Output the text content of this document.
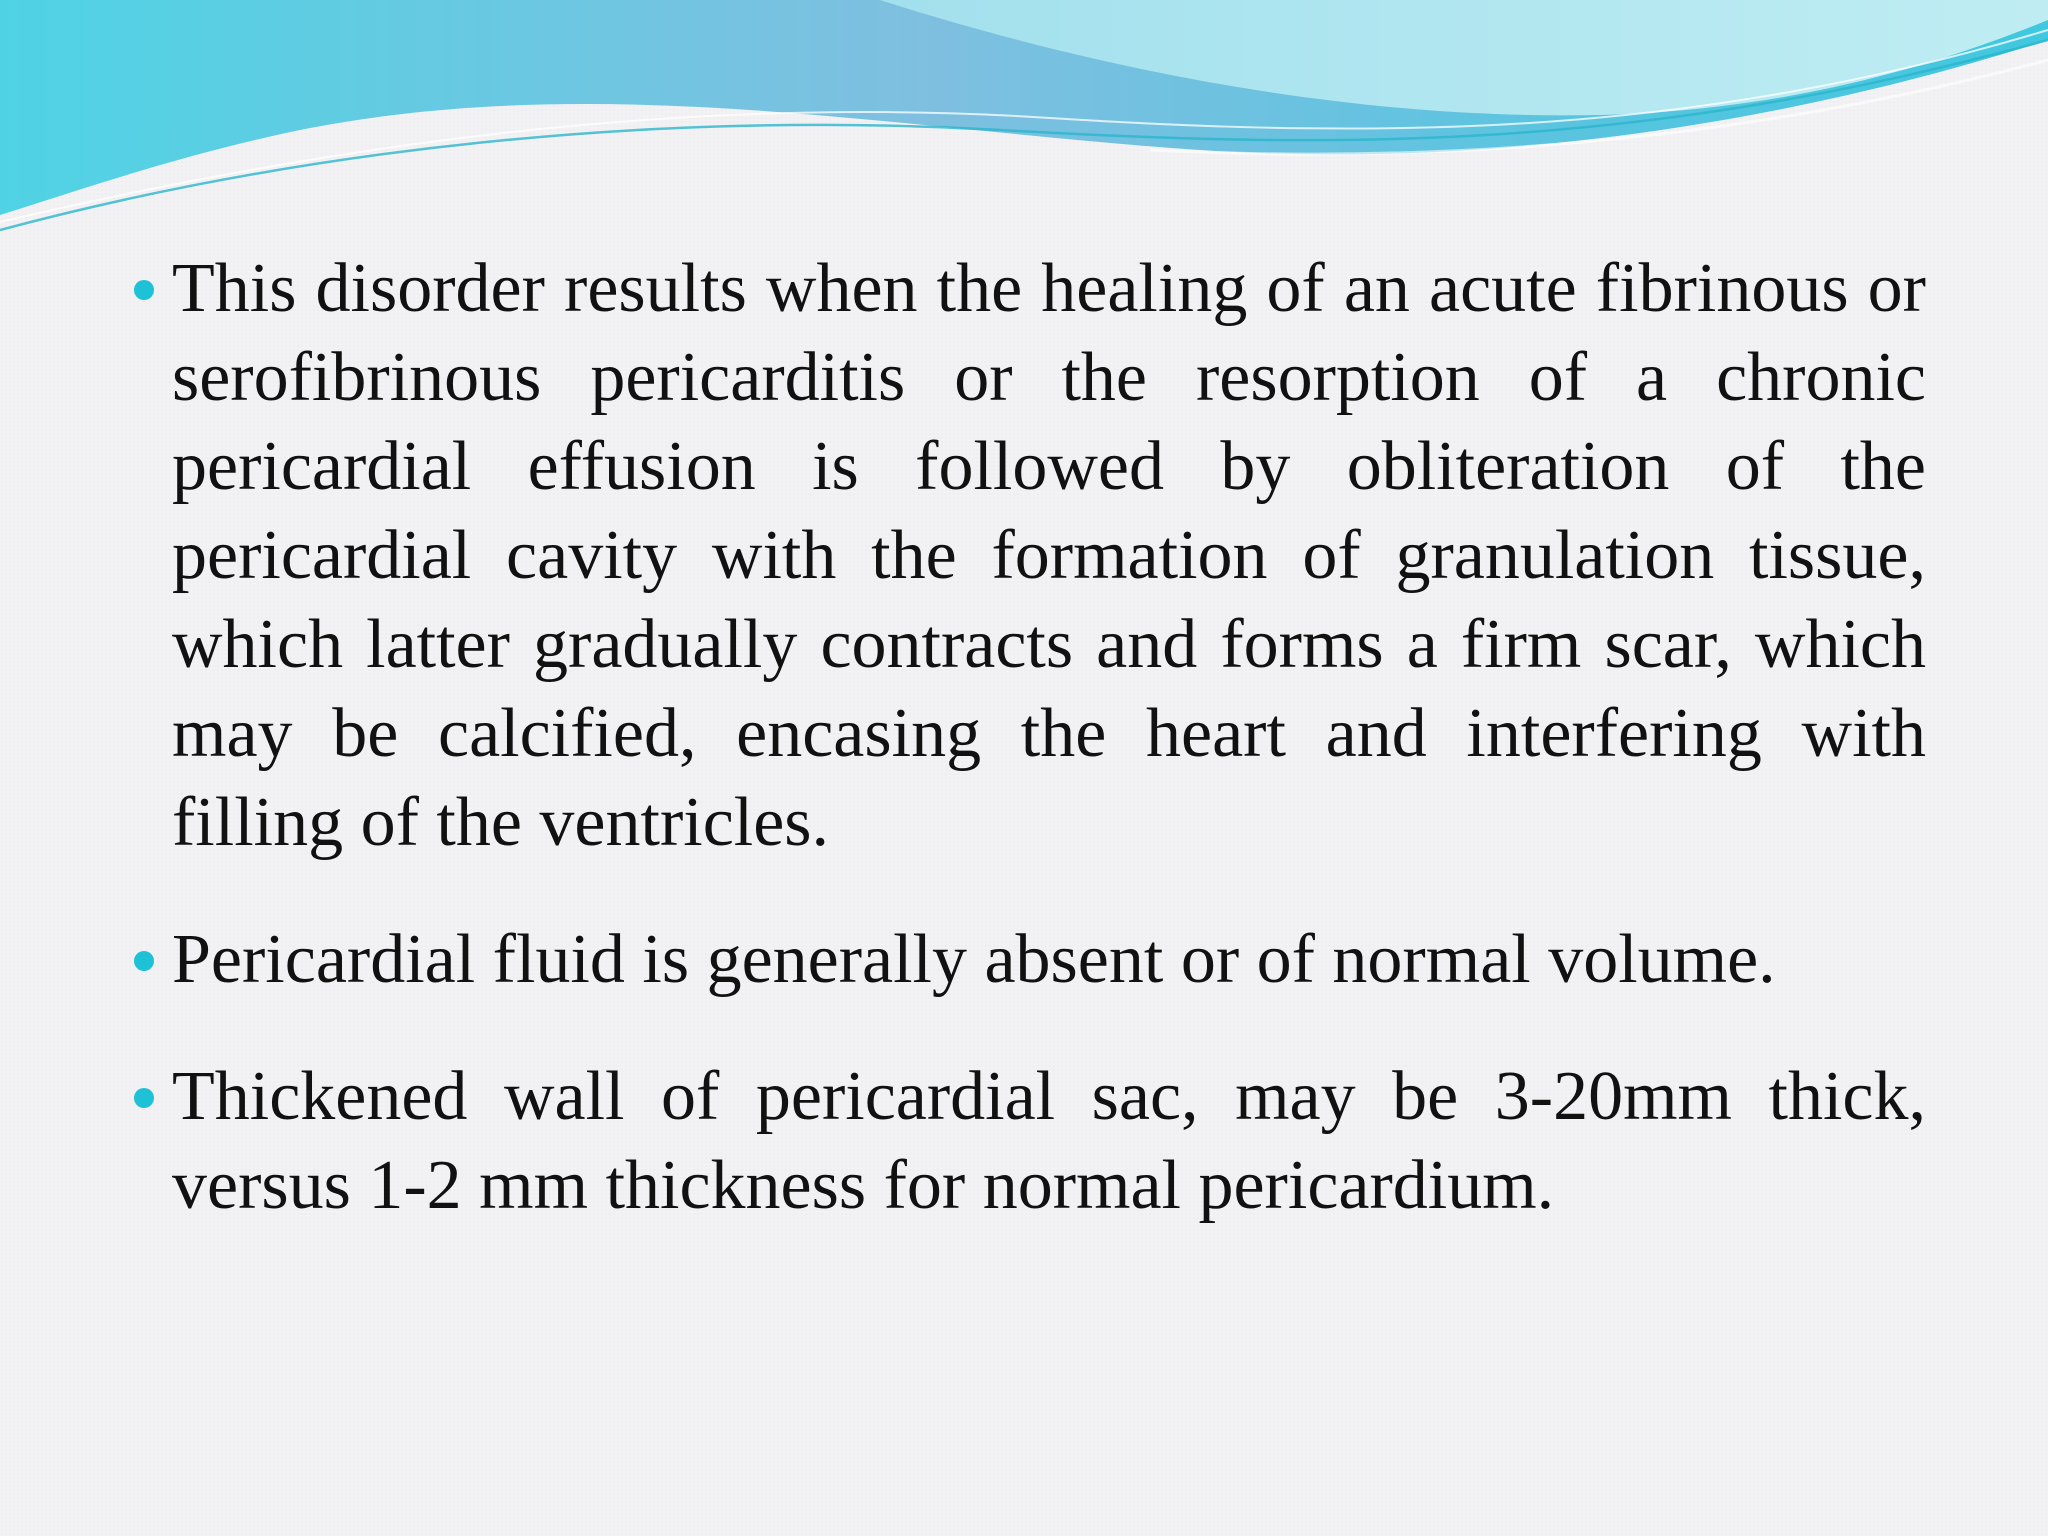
This disorder results when the healing of an acute fibrinous or serofibrinous pericarditis or the resorption of a chronic pericardial effusion is followed by obliteration of the pericardial cavity with the formation of granulation tissue, which latter gradually contracts and forms a firm scar, which may be calcified, encasing the heart and interfering with filling of the ventricles.
Pericardial fluid is generally absent or of normal volume.
Thickened wall of pericardial sac, may be 3-20mm thick, versus 1-2 mm thickness for normal pericardium.
